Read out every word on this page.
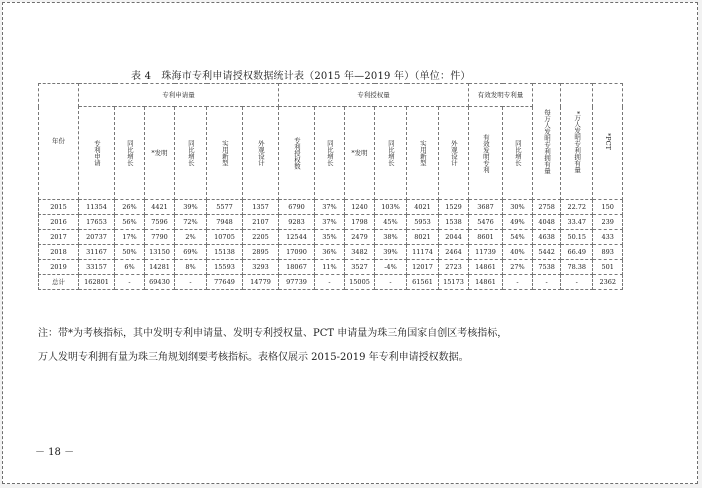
表 4　珠海市专利申请授权数据统计表（2015 年—2019 年）（单位：件）
年份	专利申请量						专利授权量						有效发明专利量		每万人发明专利拥有量	*万人发明专利拥有量	*PCT
	专利申请	同比增长	*发明	同比增长	实用新型	外观设计	专利授权数	同比增长	*发明	同比增长	实用新型	外观设计	有效发明专利	同比增长			
2015	11354	26%	4421	39%	5577	1357	6790	37%	1240	103%	4021	1529	3687	30%	2758	22.72	150
2016	17653	56%	7596	72%	7948	2107	9283	37%	1798	45%	5953	1538	5476	49%	4048	33.47	239
2017	20737	17%	7790	2%	10705	2205	12544	35%	2479	38%	8021	2044	8601	54%	4638	50.15	433
2018	31167	50%	13150	69%	15138	2895	17090	36%	3482	39%	11174	2464	11739	40%	5442	66.49	893
2019	33157	6%	14281	8%	15593	3293	18067	11%	3527	-4%	12017	2723	14861	27%	7538	78.38	501
总计	162801	-	69430	-	77649	14779	97739	-	15005	-	61561	15173	14861	-	-	-	2362
注：带*为考核指标，其中发明专利申请量、发明专利授权量、PCT 申请量为珠三角国家自创区考核指标，
万人发明专利拥有量为珠三角规划纲要考核指标。表格仅展示 2015-2019 年专利申请授权数据。
－ 18 －
